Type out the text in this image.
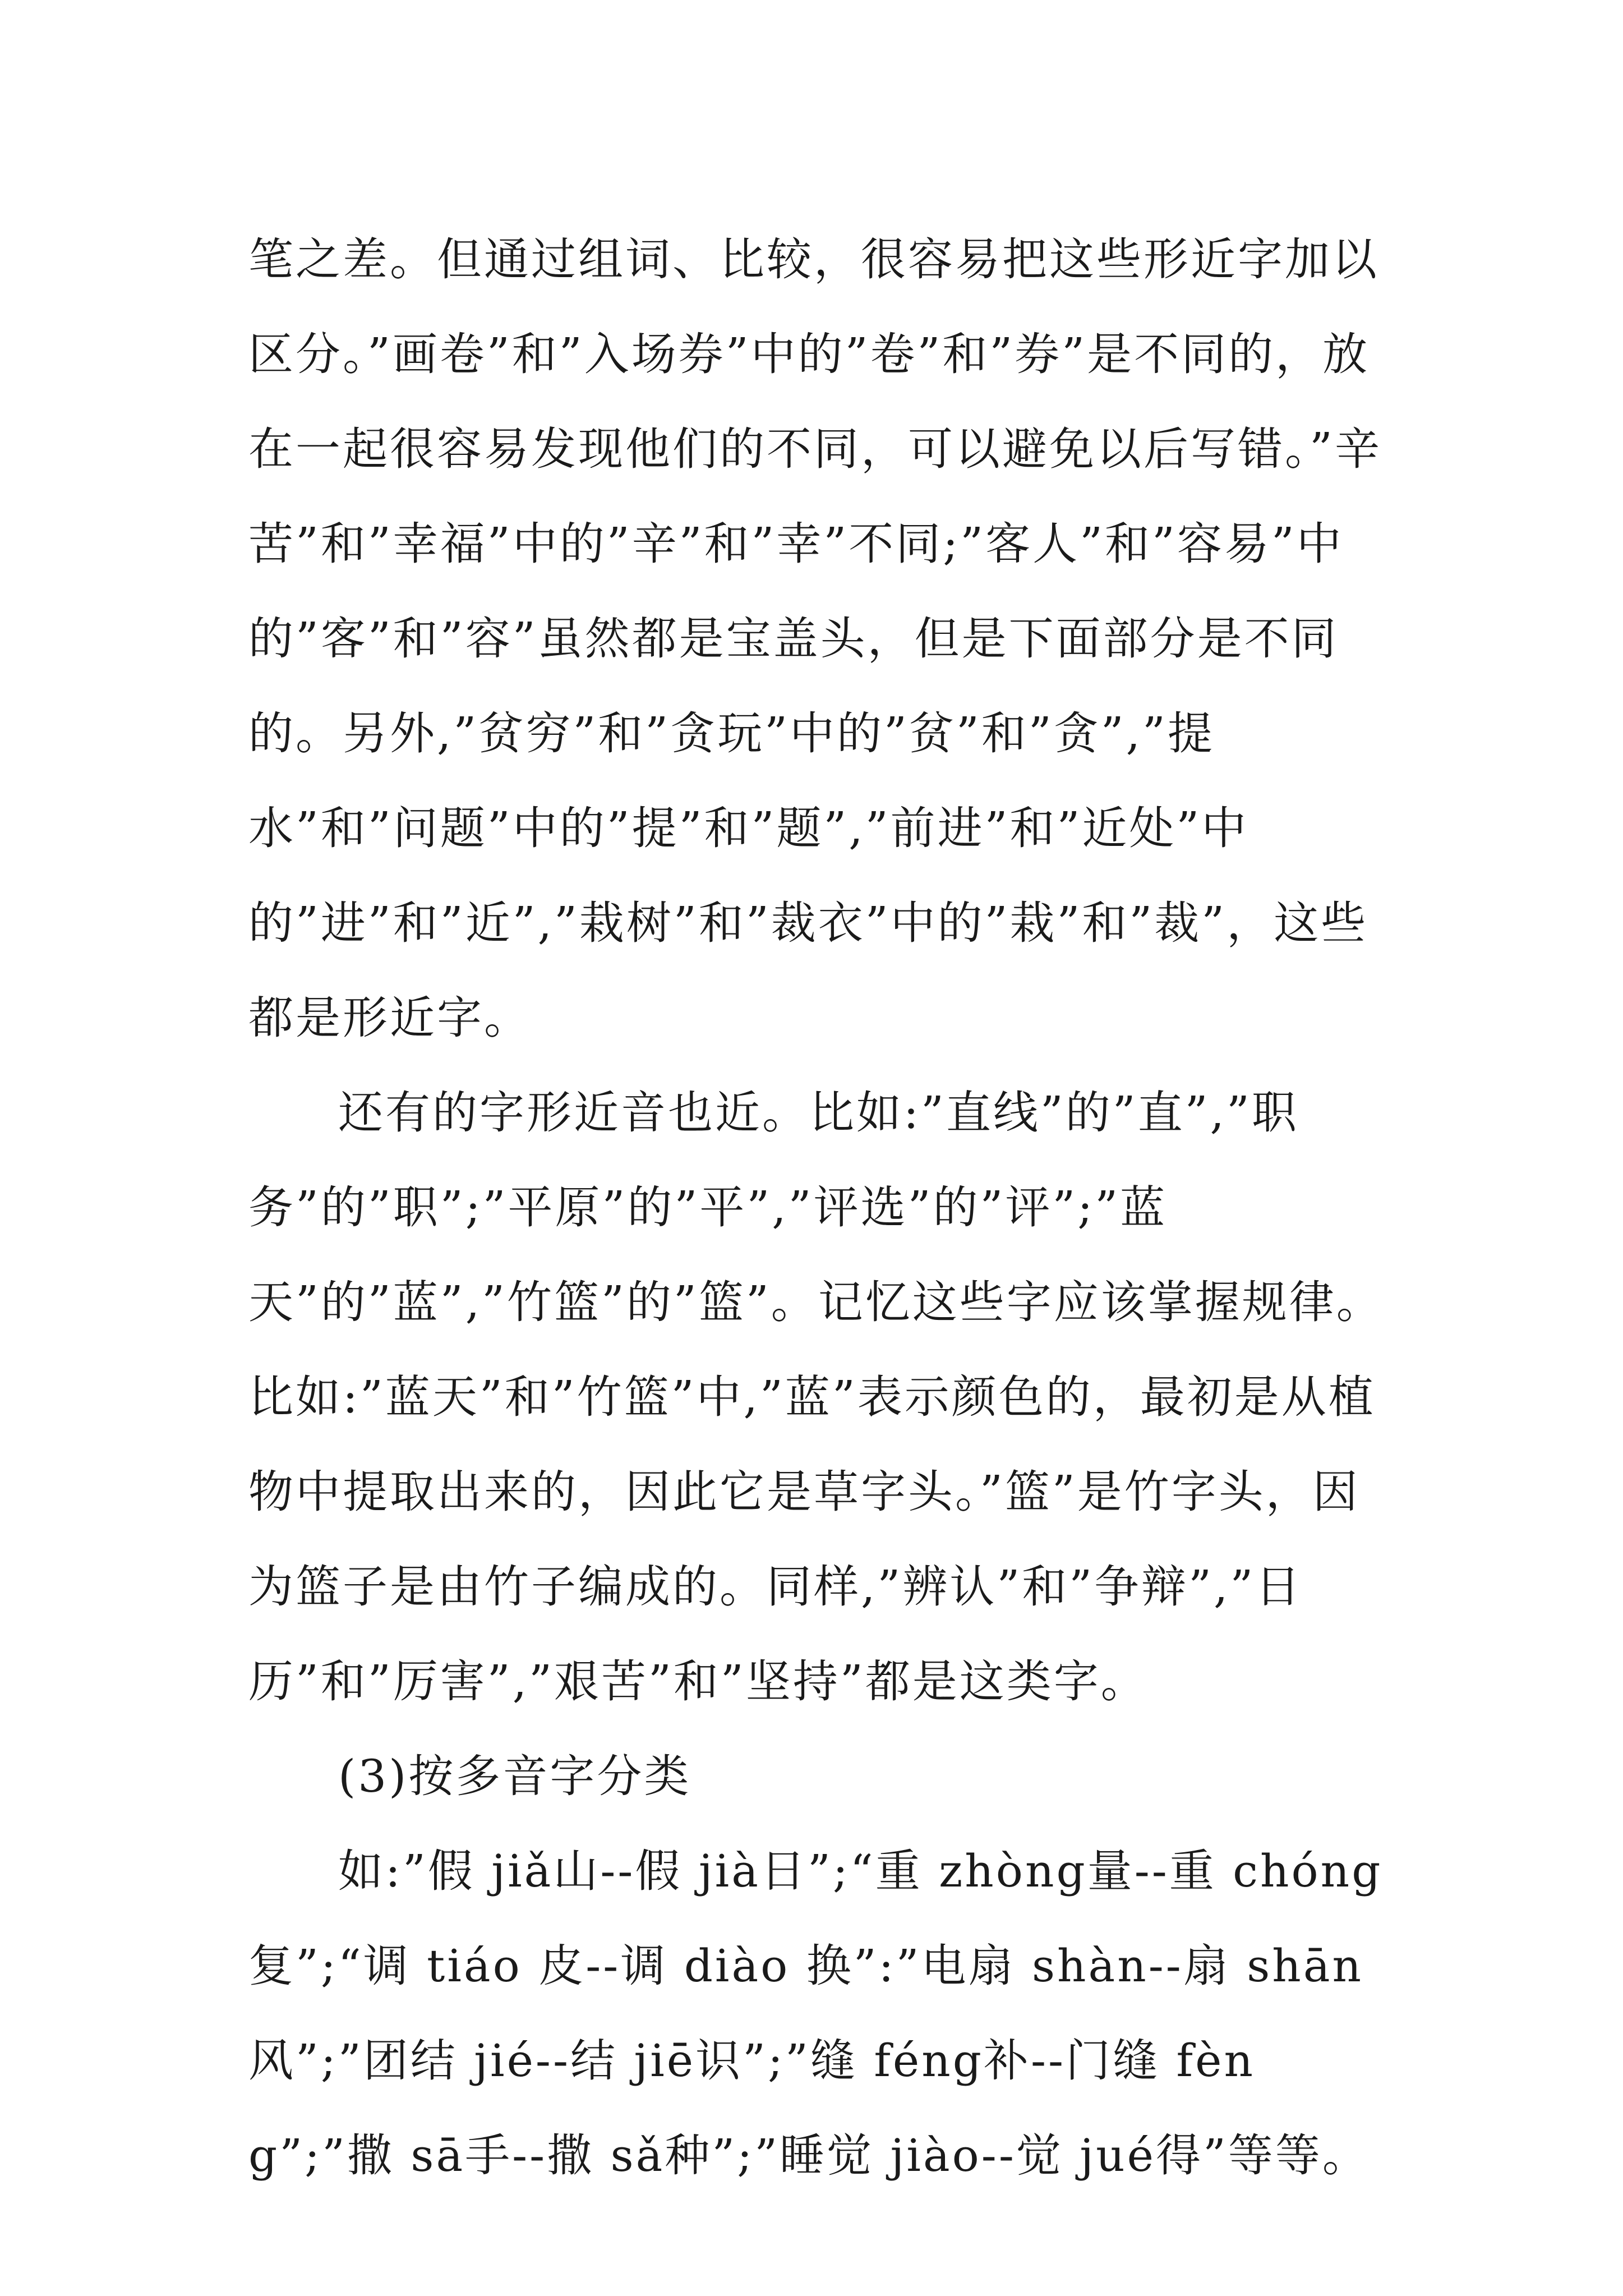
笔之差。但通过组词、比较，很容易把这些形近字加以区分。”画卷”和”入场券”中的”卷”和”券”是不同的，放在一起很容易发现他们的不同，可以避免以后写错。”辛苦”和”幸福”中的”辛”和”幸”不同;”客人”和”容易”中的”客”和”容”虽然都是宝盖头，但是下面部分是不同的。另外,”贫穷”和”贪玩”中的”贫”和”贪”,”提水”和”问题”中的”提”和”题”,”前进”和”近处”中的”进”和”近”,”栽树”和”裁衣”中的”栽”和”裁”，这些都是形近字。

还有的字形近音也近。比如:”直线”的”直”,”职务”的”职”;”平原”的”平”,”评选”的”评”;”蓝天”的”蓝”,”竹篮”的”篮”。记忆这些字应该掌握规律。比如:”蓝天”和”竹篮”中,”蓝”表示颜色的，最初是从植物中提取出来的，因此它是草字头。”篮”是竹字头，因为篮子是由竹子编成的。同样,”辨认”和”争辩”,”日历”和”厉害”,”艰苦”和”坚持”都是这类字。

(3)按多音字分类

如:”假 jiǎ山--假 jià日”;“重 zhòng量--重 chóng复”;“调 tiáo 皮--调 diào 换”:”电扇 shàn--扇 shān 风”;”团结 jié--结 jiē识”;”缝 féng补--门缝 fèng”;”撒 sā手--撒 sǎ种”;”睡觉 jiào--觉 jué得”等等。
